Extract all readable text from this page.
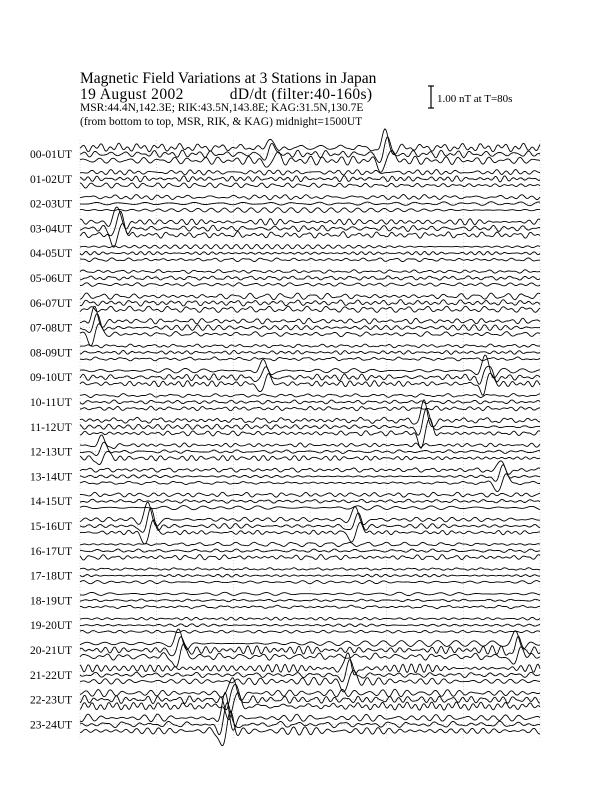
Magnetic Field Variations at 3 Stations in Japan
19 August 2002	dD/dt (filter:40-160s)
MSR:44.4N,142.3E; RIK:43.5N,143.8E; KAG:31.5N,130.7E
(from bottom to top, MSR, RIK, & KAG) midnight=1500UT
1.00 nT at T=80s
00-01UT
01-02UT
02-03UT
03-04UT
04-05UT
05-06UT
06-07UT
07-08UT
08-09UT
09-10UT
10-11UT
11-12UT
12-13UT
13-14UT
14-15UT
15-16UT
16-17UT
17-18UT
18-19UT
19-20UT
20-21UT
21-22UT
22-23UT
23-24UT
